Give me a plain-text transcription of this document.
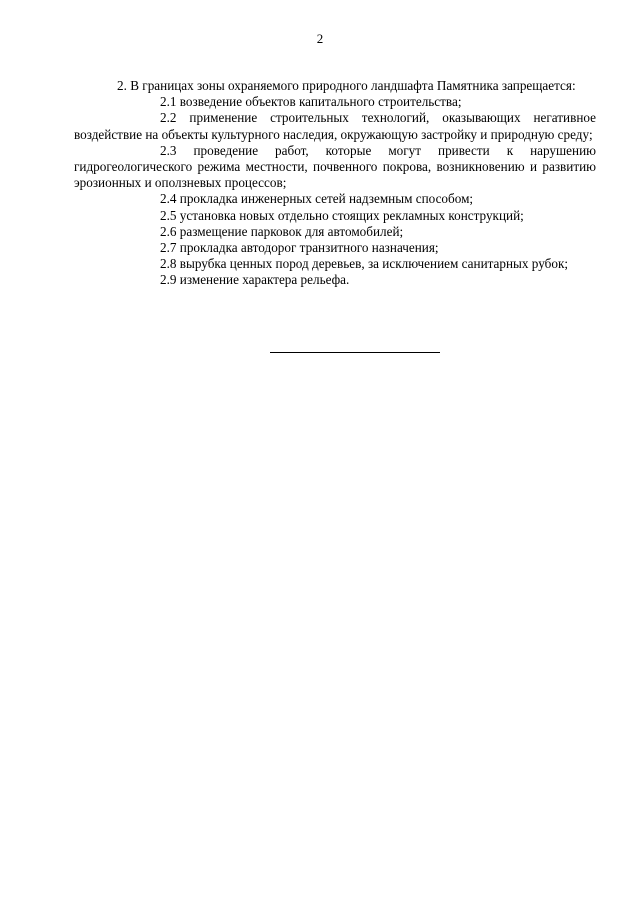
2

2. В границах зоны охраняемого природного ландшафта Памятника запрещается:

2.1 возведение объектов капитального строительства;

2.2 применение строительных технологий, оказывающих негативное воздействие на объекты культурного наследия, окружающую застройку и природную среду;

2.3 проведение работ, которые могут привести к нарушению гидрогеологического режима местности, почвенного покрова, возникновению и развитию эрозионных и оползневых процессов;

2.4 прокладка инженерных сетей надземным способом;

2.5 установка новых отдельно стоящих рекламных конструкций;

2.6 размещение парковок для автомобилей;

2.7 прокладка автодорог транзитного назначения;

2.8 вырубка ценных пород деревьев, за исключением санитарных рубок;

2.9 изменение характера рельефа.
